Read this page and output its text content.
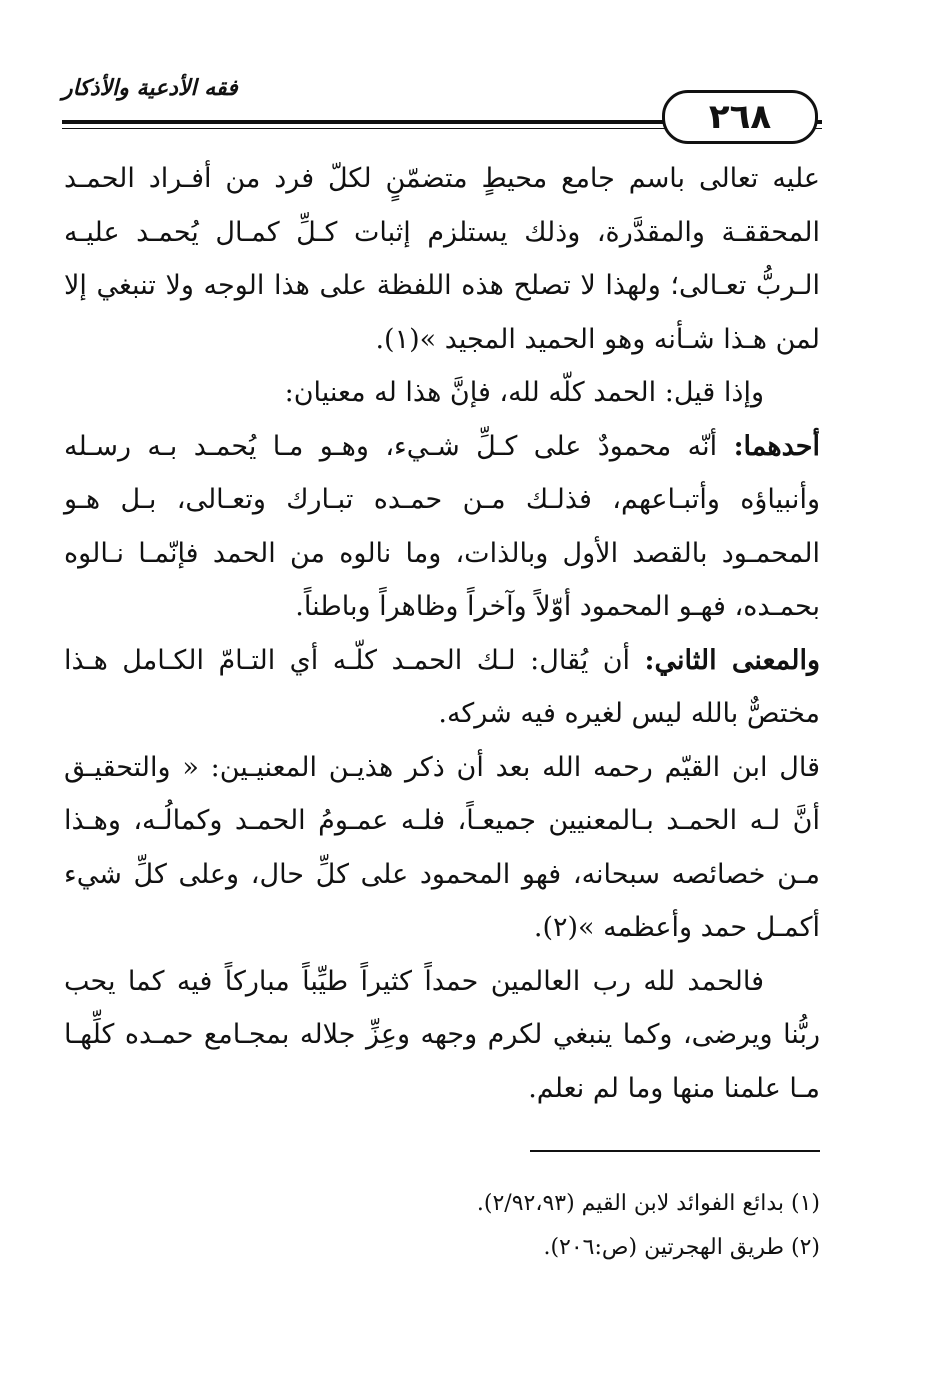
فقه الأدعية والأذكار
٢٦٨

عليه تعالى باسم جامع محيطٍ متضمّنٍ لكلّ فرد من أفـراد الحمـد المحققـة والمقدَّرة، وذلك يستلزم إثبات كـلِّ كمـال يُحمـد عليـه الـربُّ تعـالى؛ ولهذا لا تصلح هذه اللفظة على هذا الوجه ولا تنبغي إلا لمن هـذا شـأنه وهو الحميد المجيد »(١).

وإذا قيل: الحمد كلّه لله، فإنَّ هذا له معنيان:

أحدهما: أنّه محمودٌ على كـلِّ شـيء، وهـو مـا يُحمـد بـه رسـله وأنبياؤه وأتبـاعهم، فذلـك مـن حمـده تبـارك وتعـالى، بـل هـو المحمـود بالقصد الأول وبالذات، وما نالوه من الحمد فإنّمـا نـالوه بحمـده، فهـو المحمود أوّلاً وآخراً وظاهراً وباطناً.

والمعنى الثاني: أن يُقال: لـك الحمـد كلّـه أي التـامّ الكـامل هـذا مختصٌّ بالله ليس لغيره فيه شركه.

قال ابن القيّم رحمه الله بعد أن ذكر هذيـن المعنيـين: « والتحقيـق أنَّ لـه الحمـد بـالمعنيين جميعـاً، فلـه عمـومُ الحمـد وكمالُـه، وهـذا مـن خصائصه سبحانه، فهو المحمود على كلِّ حال، وعلى كلِّ شيء أكمـل حمد وأعظمه »(٢).

فالحمد لله رب العالمين حمداً كثيراً طيِّباً مباركاً فيه كما يحب ربُّنا ويرضى، وكما ينبغي لكرم وجهه وعِزِّ جلاله بمجـامع حمـده كلِّهـا مـا علمنا منها وما لم نعلم.

(١) بدائع الفوائد لابن القيم (٢/٩٢،٩٣).

(٢) طريق الهجرتين (ص:٢٠٦).
